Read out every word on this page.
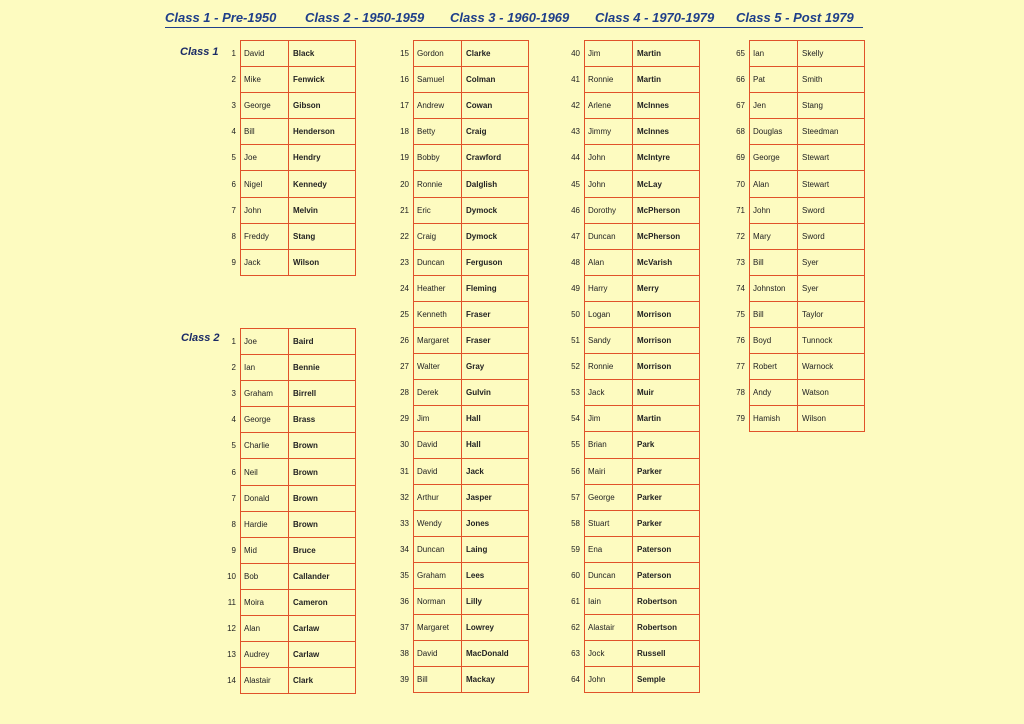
Class 1 - Pre-1950 Class 2 - 1950-1959 Class 3 - 1960-1969 Class 4 - 1970-1979 Class 5 - Post 1979
Class 1
Class 2
1	David	Black
2	Mike	Fenwick
3	George	Gibson
4	Bill	Henderson
5	Joe	Hendry
6	Nigel	Kennedy
7	John	Melvin
8	Freddy	Stang
9	Jack	Wilson
1	Joe	Baird
2	Ian	Bennie
3	Graham	Birrell
4	George	Brass
5	Charlie	Brown
6	Neil	Brown
7	Donald	Brown
8	Hardie	Brown
9	Mid	Bruce
10	Bob	Callander
11	Moira	Cameron
12	Alan	Carlaw
13	Audrey	Carlaw
14	Alastair	Clark
15	Gordon	Clarke
16	Samuel	Colman
17	Andrew	Cowan
18	Betty	Craig
19	Bobby	Crawford
20	Ronnie	Dalglish
21	Eric	Dymock
22	Craig	Dymock
23	Duncan	Ferguson
24	Heather	Fleming
25	Kenneth	Fraser
26	Margaret	Fraser
27	Walter	Gray
28	Derek	Gulvin
29	Jim	Hall
30	David	Hall
31	David	Jack
32	Arthur	Jasper
33	Wendy	Jones
34	Duncan	Laing
35	Graham	Lees
36	Norman	Lilly
37	Margaret	Lowrey
38	David	MacDonald
39	Bill	Mackay
40	Jim	Martin
41	Ronnie	Martin
42	Arlene	McInnes
43	Jimmy	McInnes
44	John	McIntyre
45	John	McLay
46	Dorothy	McPherson
47	Duncan	McPherson
48	Alan	McVarish
49	Harry	Merry
50	Logan	Morrison
51	Sandy	Morrison
52	Ronnie	Morrison
53	Jack	Muir
54	Jim	Martin
55	Brian	Park
56	Mairi	Parker
57	George	Parker
58	Stuart	Parker
59	Ena	Paterson
60	Duncan	Paterson
61	Iain	Robertson
62	Alastair	Robertson
63	Jock	Russell
64	John	Semple
65	Ian	Skelly
66	Pat	Smith
67	Jen	Stang
68	Douglas	Steedman
69	George	Stewart
70	Alan	Stewart
71	John	Sword
72	Mary	Sword
73	Bill	Syer
74	Johnston	Syer
75	Bill	Taylor
76	Boyd	Tunnock
77	Robert	Warnock
78	Andy	Watson
79	Hamish	Wilson
